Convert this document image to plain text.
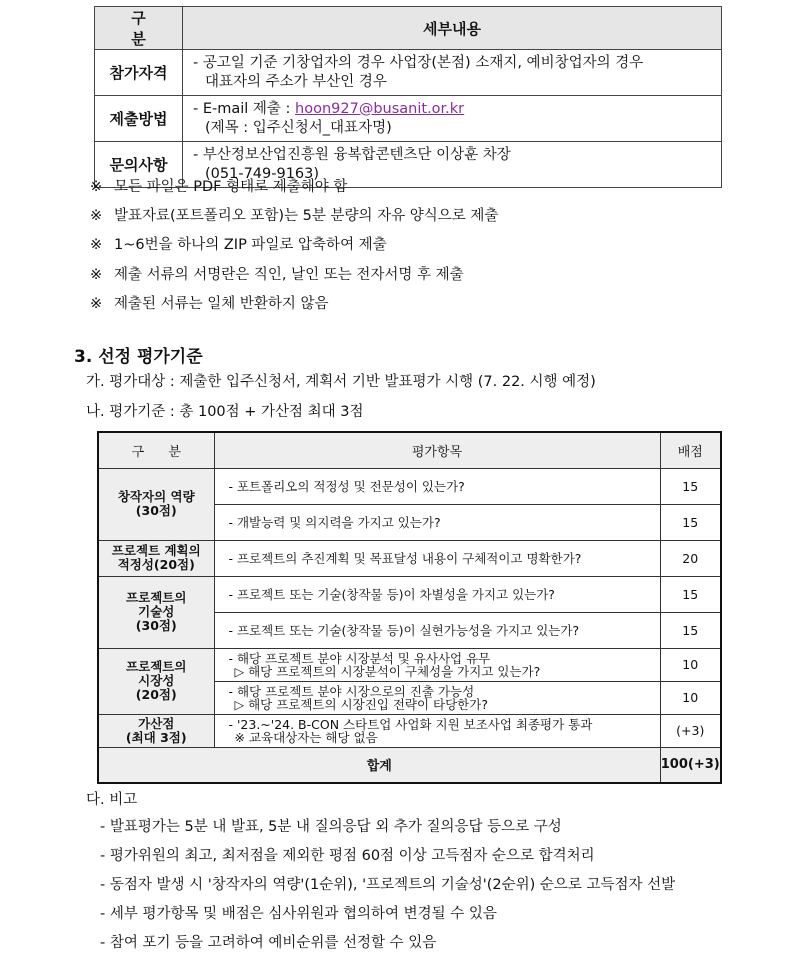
구 분	세부내용
참가자격	- 공고일 기준 기창업자의 경우 사업장(본점) 소재지, 예비창업자의 경우
대표자의 주소가 부산인 경우

제출방법	- E-mail 제출 : hoon927@busanit.or.kr
(제목 : 입주신청서_대표자명)

문의사항	- 부산정보산업진흥원 융복합콘텐츠단 이상훈 차장
(051-749-9163)
※ 모든 파일은 PDF 형태로 제출해야 함
※ 발표자료(포트폴리오 포함)는 5분 분량의 자유 양식으로 제출
※ 1~6번을 하나의 ZIP 파일로 압축하여 제출
※ 제출 서류의 서명란은 직인, 날인 또는 전자서명 후 제출
※ 제출된 서류는 일체 반환하지 않음
3. 선정 평가기준
가. 평가대상 : 제출한 입주신청서, 계획서 기반 발표평가 시행 (7. 22. 시행 예정)
나. 평가기준 : 총 100점 + 가산점 최대 3점
구 분	평가항목	배점

창작자의 역량
(30점)	- 포트폴리오의 적정성 및 전문성이 있는가?	15
	- 개발능력 및 의지력을 가지고 있는가?	15

프로젝트 계획의
적정성(20점)	- 프로젝트의 추진계획 및 목표달성 내용이 구체적이고 명확한가?	20

프로젝트의
기술성
(30점)	- 프로젝트 또는 기술(창작물 등)이 차별성을 가지고 있는가?	15
	- 프로젝트 또는 기술(창작물 등)이 실현가능성을 가지고 있는가?	15

프로젝트의
시장성
(20점)
	- 해당 프로젝트 분야 시장분석 및 유사사업 유무
▷ 해당 프로젝트의 시장분석이 구체성을 가지고 있는가?	10
	- 해당 프로젝트 분야 시장으로의 진출 가능성
▷ 해당 프로젝트의 시장진입 전략이 타당한가?	10

가산점
(최대 3점)
	- '23.~'24. B-CON 스타트업 사업화 지원 보조사업 최종평가 통과
※ 교육대상자는 해당 없음	(+3)
합계		100(+3)
다. 비고
- 발표평가는 5분 내 발표, 5분 내 질의응답 외 추가 질의응답 등으로 구성
- 평가위원의 최고, 최저점을 제외한 평점 60점 이상 고득점자 순으로 합격처리
- 동점자 발생 시 '창작자의 역량'(1순위), '프로젝트의 기술성'(2순위) 순으로 고득점자 선발
- 세부 평가항목 및 배점은 심사위원과 협의하여 변경될 수 있음
- 참여 포기 등을 고려하여 예비순위를 선정할 수 있음
